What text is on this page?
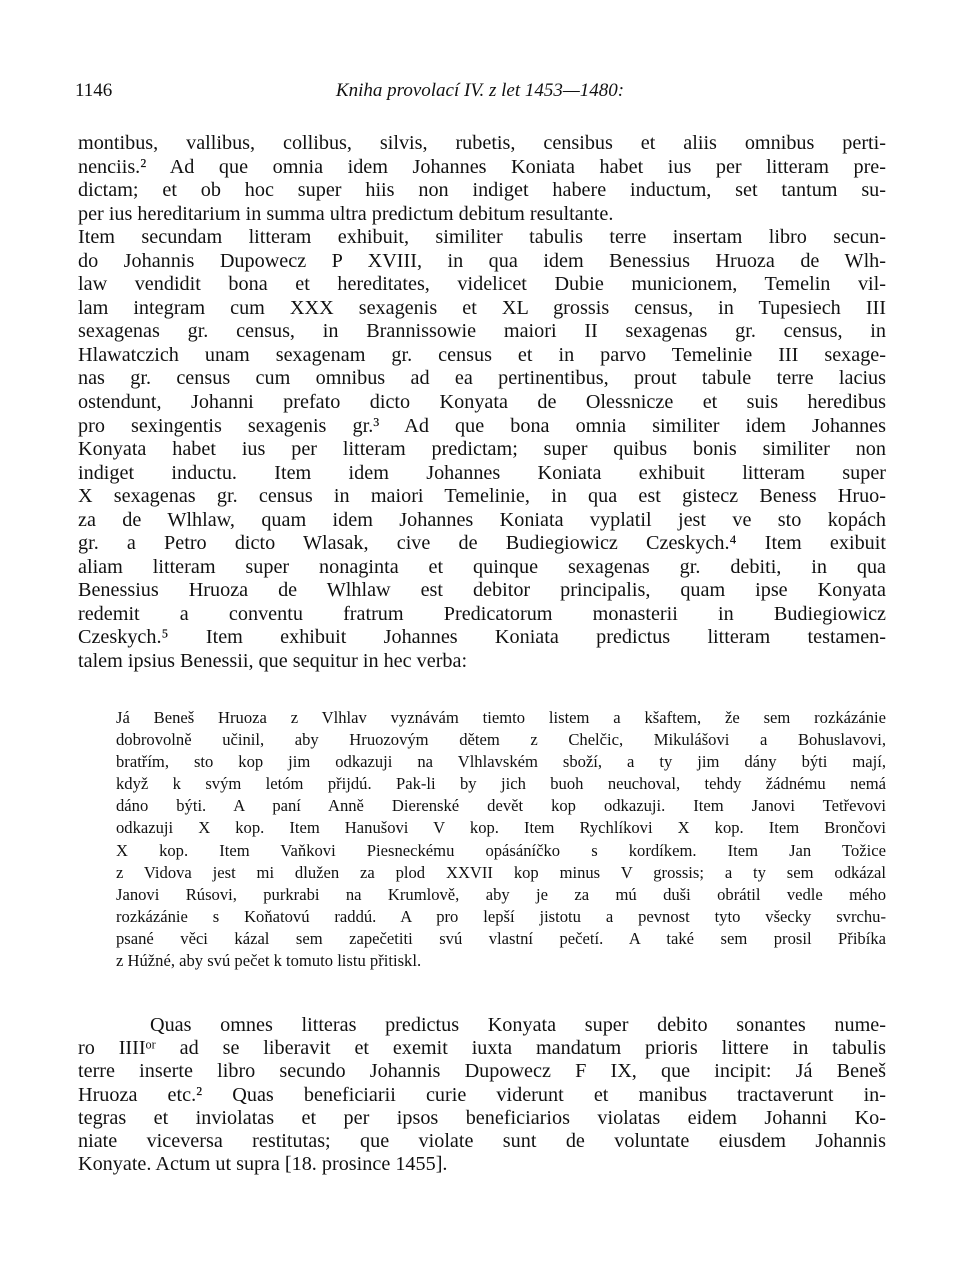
1146	Kniha provolací IV. z let 1453—1480:
montibus, vallibus, collibus, silvis, rubetis, censibus et aliis omnibus perti-
nenciis.² Ad que omnia idem Johannes Koniata habet ius per litteram pre-
dictam; et ob hoc super hiis non indiget habere inductum, set tantum su-
per ius hereditarium in summa ultra predictum debitum resultante.
Item secundam litteram exhibuit, similiter tabulis terre insertam libro secun-
do Johannis Dupowecz P XVIII, in qua idem Benessius Hruoza de Wlh-
law vendidit bona et hereditates, videlicet Dubie municionem, Temelin vil-
lam integram cum XXX sexagenis et XL grossis census, in Tupesiech III
sexagenas gr. census, in Brannissowie maiori II sexagenas gr. census, in
Hlawatczich unam sexagenam gr. census et in parvo Temelinie III sexage-
nas gr. census cum omnibus ad ea pertinentibus, prout tabule terre lacius
ostendunt, Johanni prefato dicto Konyata de Olessnicze et suis heredibus
pro sexingentis sexagenis gr.³ Ad que bona omnia similiter idem Johannes
Konyata habet ius per litteram predictam; super quibus bonis similiter non
indiget inductu. Item idem Johannes Koniata exhibuit litteram super
X sexagenas gr. census in maiori Temelinie, in qua est gistecz Beness Hruo-
za de Wlhlaw, quam idem Johannes Koniata vyplatil jest ve sto kopách
gr. a Petro dicto Wlasak, cive de Budiegiowicz Czeskych.⁴ Item exibuit
aliam litteram super nonaginta et quinque sexagenas gr. debiti, in qua
Benessius Hruoza de Wlhlaw est debitor principalis, quam ipse Konyata
redemit a conventu fratrum Predicatorum monasterii in Budiegiowicz
Czeskych.⁵ Item exhibuit Johannes Koniata predictus litteram testamen-
talem ipsius Benessii, que sequitur in hec verba:
Já Beneš Hruoza z Vlhlav vyznávám tiemto listem a kšaftem, že sem rozkázánie
dobrovolně učinil, aby Hruozovým dětem z Chelčic, Mikulášovi a Bohuslavovi,
bratřím, sto kop jim odkazuji na Vlhlavském sboží, a ty jim dány býti mají,
když k svým letóm přijdú. Pak-li by jich buoh neuchoval, tehdy žádnému nemá
dáno býti. A paní Anně Dierenské devět kop odkazuji. Item Janovi Tetřevovi
odkazuji X kop. Item Hanušovi V kop. Item Rychlíkovi X kop. Item Brončovi
X kop. Item Vaňkovi Piesneckému opásáníčko s kordíkem. Item Jan Tožice
z Vidova jest mi dlužen za plod XXVII kop minus V grossis; a ty sem odkázal
Janovi Rúsovi, purkrabi na Krumlově, aby je za mú duši obrátil vedle mého
rozkázánie s Koňatovú raddú. A pro lepší jistotu a pevnost tyto všecky svrchu-
psané věci kázal sem zapečetiti svú vlastní pečetí. A také sem prosil Přibíka
z Húžné, aby svú pečet k tomuto listu přitiskl.
Quas omnes litteras predictus Konyata super debito sonantes nume-
ro IIIIᵒʳ ad se liberavit et exemit iuxta mandatum prioris littere in tabulis
terre inserte libro secundo Johannis Dupowecz F IX, que incipit: Já Beneš
Hruoza etc.² Quas beneficiarii curie viderunt et manibus tractaverunt in-
tegras et inviolatas et per ipsos beneficiarios violatas eidem Johanni Ko-
niate viceversa restitutas; que violate sunt de voluntate eiusdem Johannis
Konyate. Actum ut supra [18. prosince 1455].
